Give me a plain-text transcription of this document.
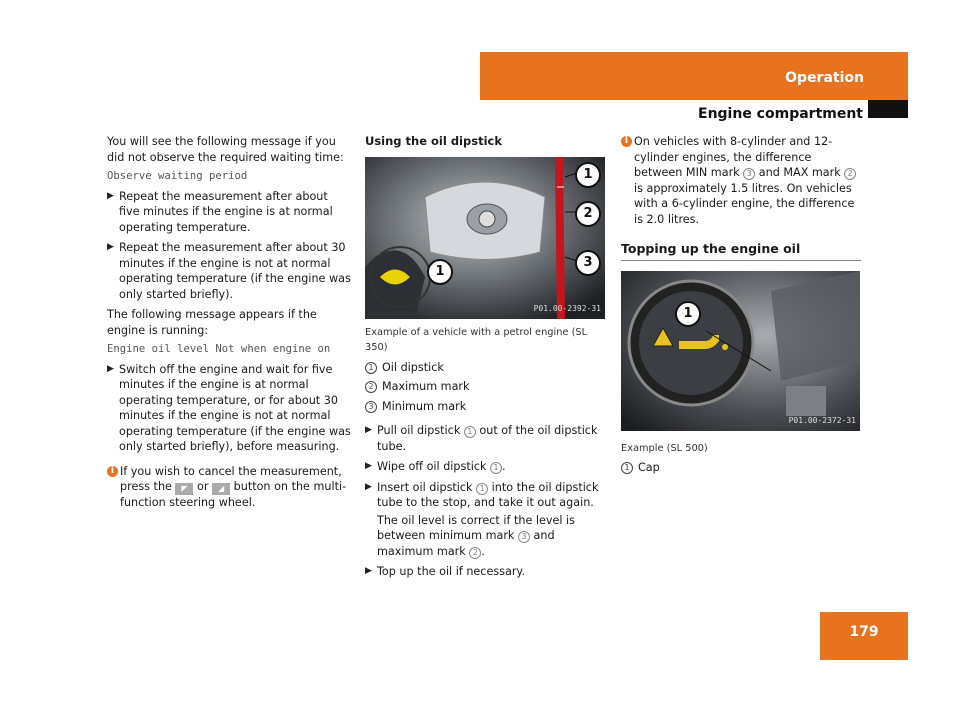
Operation
Engine compartment

You will see the following message if you did not observe the required waiting time:

Observe waiting period
▶ Repeat the measurement after about five minutes if the engine is at normal operating temperature.
▶ Repeat the measurement after about 30 minutes if the engine is not at normal operating temperature (if the engine was only started briefly).

The following message appears if the engine is running:

Engine oil level Not when engine on
▶ Switch off the engine and wait for five minutes if the engine is at normal operating temperature, or for about 30 minutes if the engine is not at normal operating temperature (if the engine was only started briefly), before measuring.
i If you wish to cancel the measurement, press the ◤ or ◢ button on the multi-function steering wheel.
Using the oil dipstick
1
2
3
1
P01.00-2392-31
Example of a vehicle with a petrol engine (SL 350)
1 Oil dipstick
2 Maximum mark
3 Minimum mark
▶ Pull oil dipstick 1 out of the oil dipstick tube.
▶ Wipe off oil dipstick 1 .
▶ Insert oil dipstick 1 into the oil dipstick tube to the stop, and take it out again.
The oil level is correct if the level is between minimum mark 3 and maximum mark 2 .
▶ Top up the oil if necessary.
i On vehicles with 8-cylinder and 12-cylinder engines, the difference between MIN mark 3 and MAX mark 2 is approximately 1.5 litres. On vehicles with a 6-cylinder engine, the difference is 2.0 litres.
Topping up the engine oil
1
P01.00-2372-31
Example (SL 500)
1 Cap
179
